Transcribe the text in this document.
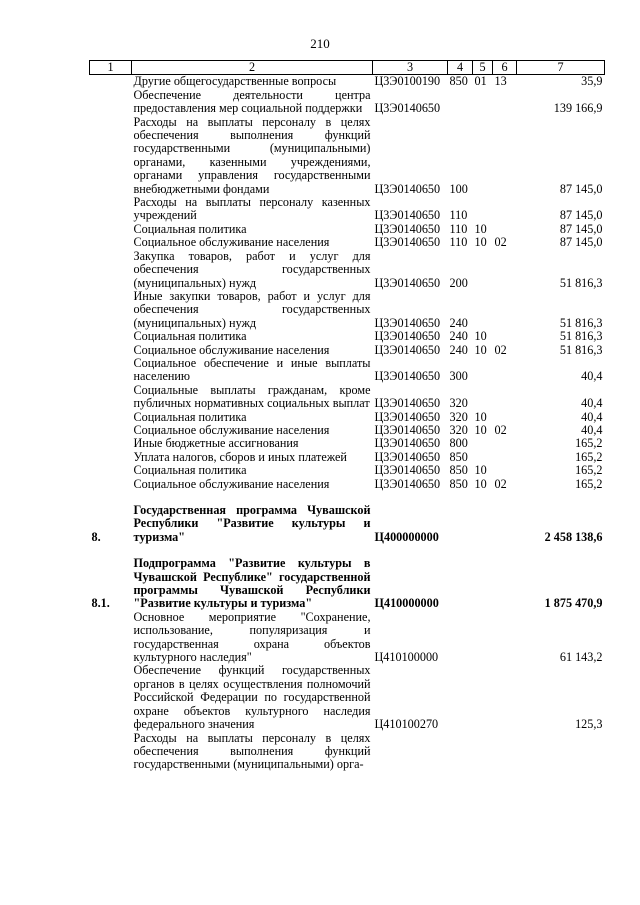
210
1	2	3	4	5	6	7
	Другие общегосударственные вопросы	Ц3Э0100190	850	01	13	35,9
	Обеспечение деятельности центра предоставления мер социальной поддержки	Ц3Э0140650				139 166,9
	Расходы на выплаты персоналу в целях обеспечения выполнения функций государственными (муниципальными) органами, казенными учреждениями, органами управления государственными внебюджетными фондами	Ц3Э0140650	100			87 145,0
	Расходы на выплаты персоналу казенных учреждений	Ц3Э0140650	110			87 145,0
	Социальная политика	Ц3Э0140650	110	10		87 145,0
	Социальное обслуживание населения	Ц3Э0140650	110	10	02	87 145,0
	Закупка товаров, работ и услуг для обеспечения государственных (муниципальных) нужд	Ц3Э0140650	200			51 816,3
	Иные закупки товаров, работ и услуг для обеспечения государственных (муниципальных) нужд	Ц3Э0140650	240			51 816,3
	Социальная политика	Ц3Э0140650	240	10		51 816,3
	Социальное обслуживание населения	Ц3Э0140650	240	10	02	51 816,3
	Социальное обеспечение и иные выплаты населению	Ц3Э0140650	300			40,4
	Социальные выплаты гражданам, кроме публичных нормативных социальных выплат	Ц3Э0140650	320			40,4
	Социальная политика	Ц3Э0140650	320	10		40,4
	Социальное обслуживание населения	Ц3Э0140650	320	10	02	40,4
	Иные бюджетные ассигнования	Ц3Э0140650	800			165,2
	Уплата налогов, сборов и иных платежей	Ц3Э0140650	850			165,2
	Социальная политика	Ц3Э0140650	850	10		165,2
	Социальное обслуживание населения	Ц3Э0140650	850	10	02	165,2

8.	Государственная программа Чувашской Республики "Развитие культуры и туризма"	Ц400000000				2 458 138,6

8.1.	Подпрограмма "Развитие культуры в Чувашской Республике" государственной программы Чувашской Республики "Развитие культуры и туризма"	Ц410000000				1 875 470,9
	Основное мероприятие "Сохранение, использование, популяризация и государственная охрана объектов культурного наследия"	Ц410100000				61 143,2
	Обеспечение функций государственных органов в целях осуществления полномочий Российской Федерации по государственной охране объектов культурного наследия федерального значения	Ц410100270				125,3
	Расходы на выплаты персоналу в целях обеспечения выполнения функций государственными (муниципальными) орга-					
